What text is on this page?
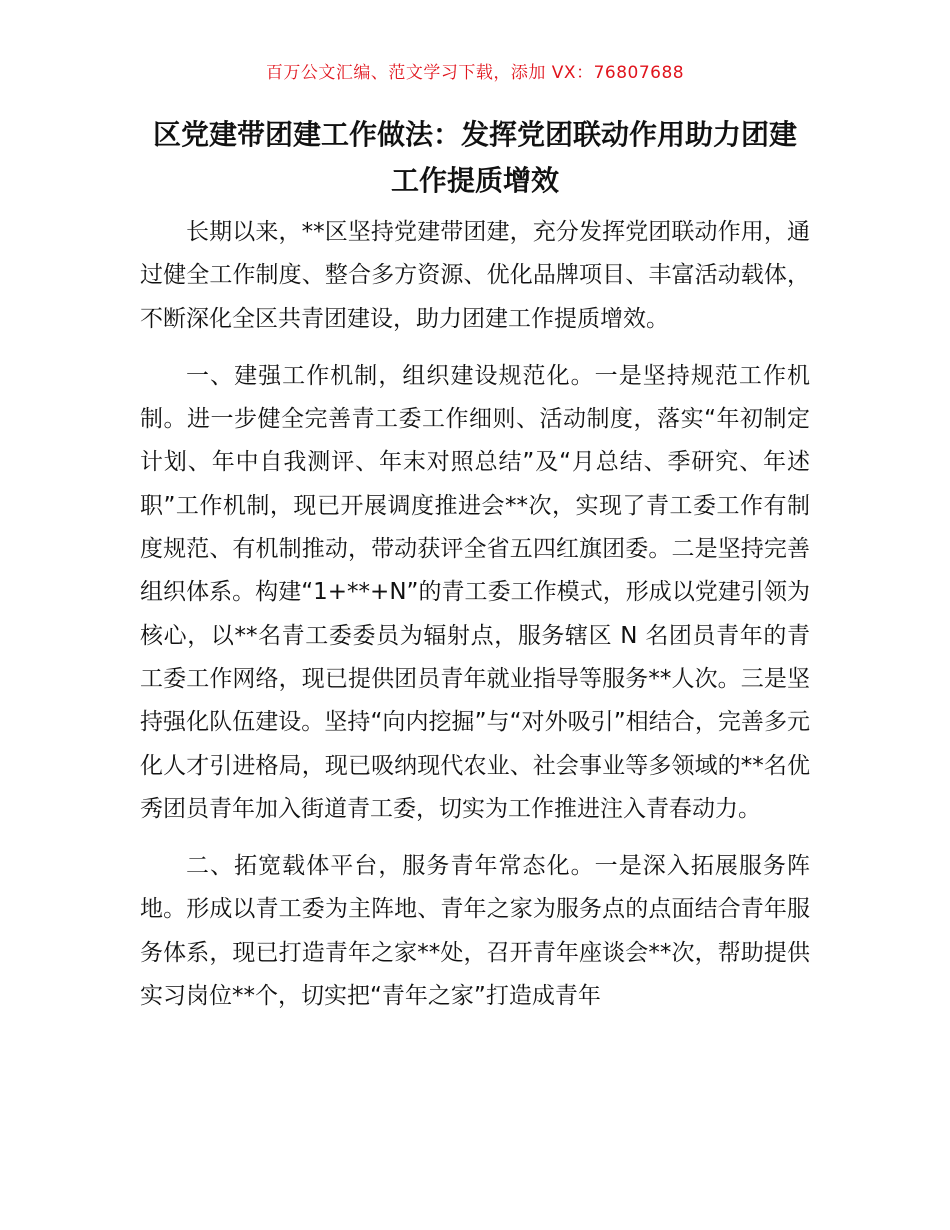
百万公文汇编、范文学习下载，添加 VX：76807688
区党建带团建工作做法：发挥党团联动作用助力团建工作提质增效

长期以来，**区坚持党建带团建，充分发挥党团联动作用，通过健全工作制度、整合多方资源、优化品牌项目、丰富活动载体，不断深化全区共青团建设，助力团建工作提质增效。

一、建强工作机制，组织建设规范化。一是坚持规范工作机制。进一步健全完善青工委工作细则、活动制度，落实“年初制定计划、年中自我测评、年末对照总结”及“月总结、季研究、年述职”工作机制，现已开展调度推进会**次，实现了青工委工作有制度规范、有机制推动，带动获评全省五四红旗团委。二是坚持完善组织体系。构建“1+**+N”的青工委工作模式，形成以党建引领为核心，以**名青工委委员为辐射点，服务辖区 N 名团员青年的青工委工作网络，现已提供团员青年就业指导等服务**人次。三是坚持强化队伍建设。坚持“向内挖掘”与“对外吸引”相结合，完善多元化人才引进格局，现已吸纳现代农业、社会事业等多领域的**名优秀团员青年加入街道青工委，切实为工作推进注入青春动力。

二、拓宽载体平台，服务青年常态化。一是深入拓展服务阵地。形成以青工委为主阵地、青年之家为服务点的点面结合青年服务体系，现已打造青年之家**处，召开青年座谈会**次，帮助提供实习岗位**个，切实把“青年之家”打造成青年
